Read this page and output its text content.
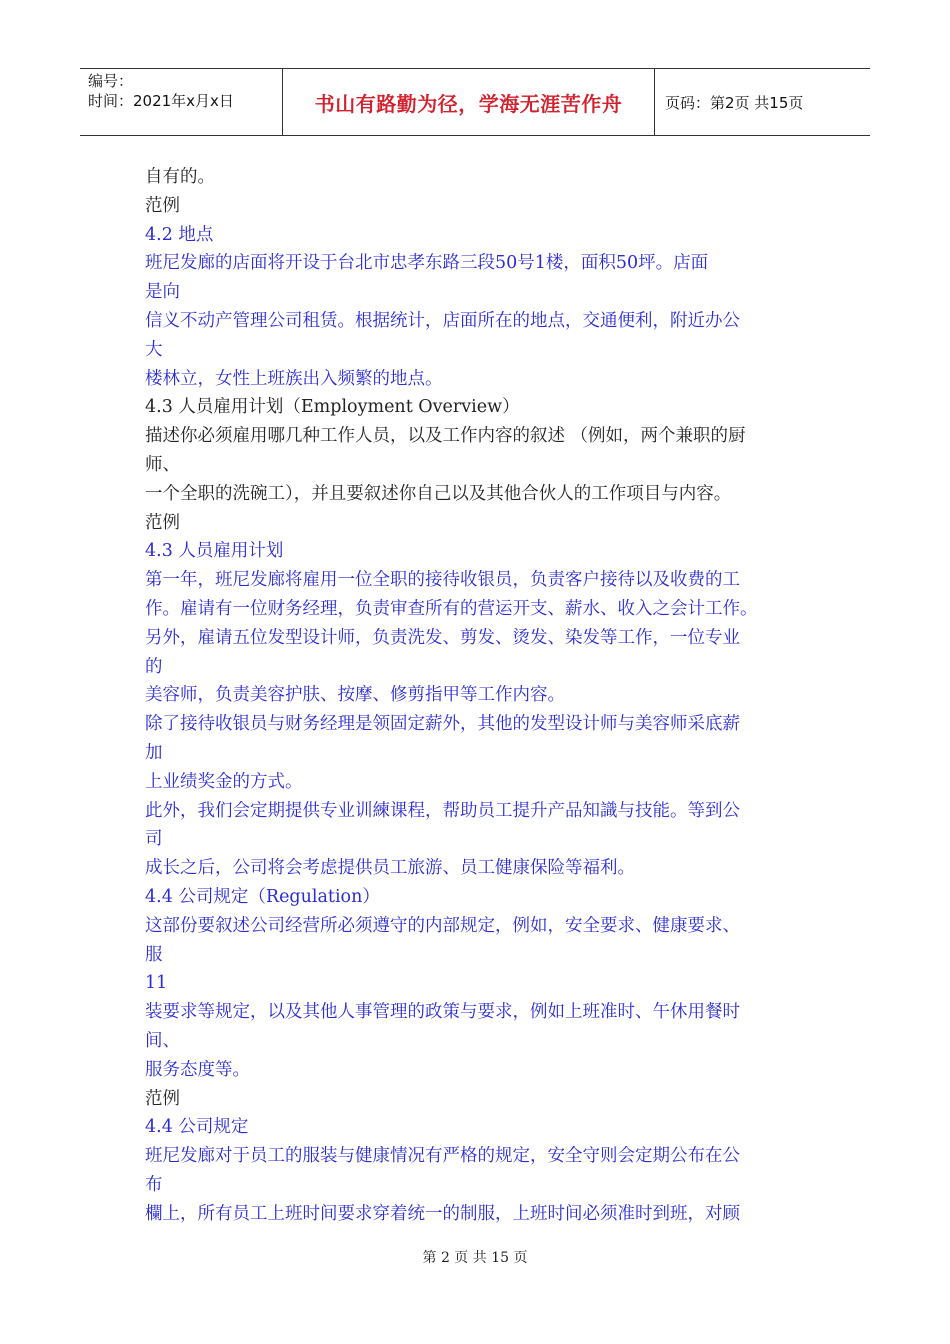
编号：
时间：2021年x月x日	书山有路勤为径，学海无涯苦作舟	页码：第2页 共15页
自有的。
范例
4.2 地点
班尼发廊的店面将开设于台北市忠孝东路三段50号1楼，面积50坪。店面
是向
信义不动产管理公司租赁。根据统计，店面所在的地点，交通便利，附近办公
大
楼林立，女性上班族出入频繁的地点。
4.3 人员雇用计划（Employment Overview）
描述你必须雇用哪几种工作人员，以及工作内容的叙述 （例如，两个兼职的厨
师、
一个全职的洗碗工），并且要叙述你自己以及其他合伙人的工作项目与内容。
范例
4.3 人员雇用计划
第一年，班尼发廊将雇用一位全职的接待收银员，负责客户接待以及收费的工
作。雇请有一位财务经理，负责审查所有的营运开支、薪水、收入之会计工作。
另外，雇请五位发型设计师，负责洗发、剪发、烫发、染发等工作，一位专业
的
美容师，负责美容护肤、按摩、修剪指甲等工作内容。
除了接待收银员与财务经理是领固定薪外，其他的发型设计师与美容师采底薪
加
上业绩奖金的方式。
此外，我们会定期提供专业训練课程，帮助员工提升产品知識与技能。等到公
司
成长之后，公司将会考虑提供员工旅游、员工健康保险等福利。
4.4 公司规定（Regulation）
这部份要叙述公司经营所必须遵守的内部规定，例如，安全要求、健康要求、
服
11
装要求等规定，以及其他人事管理的政策与要求，例如上班准时、午休用餐时
间、
服务态度等。
范例
4.4 公司规定
班尼发廊对于员工的服装与健康情况有严格的规定，安全守则会定期公布在公
布
欄上，所有员工上班时间要求穿着统一的制服，上班时间必须准时到班，对顾
第 2 页 共 15 页
